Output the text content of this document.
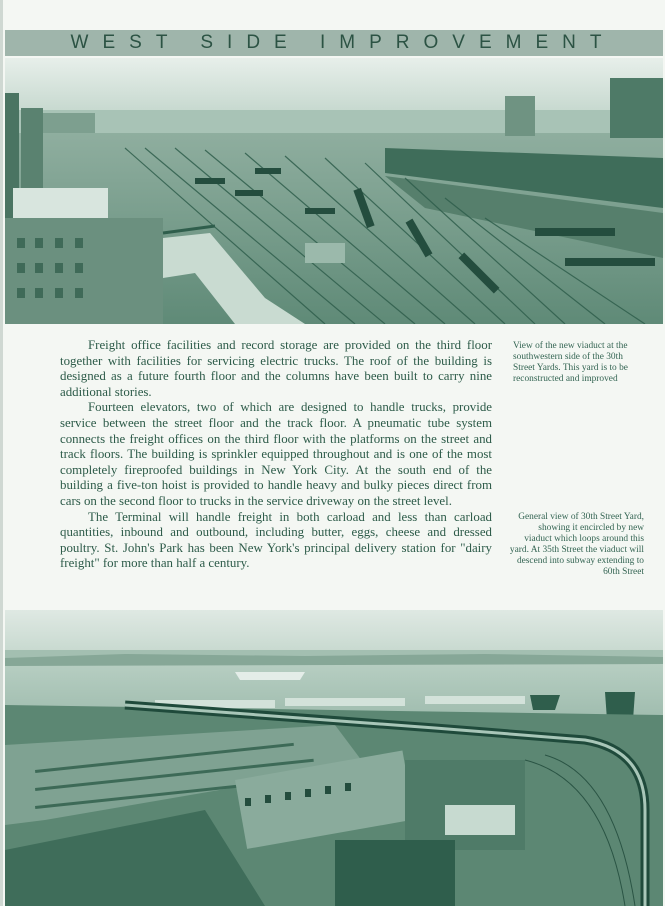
WEST SIDE IMPROVEMENT

Freight office facilities and record storage are provided on the third floor together with facilities for servicing electric trucks. The roof of the building is designed as a future fourth floor and the columns have been built to carry nine additional stories.

Fourteen elevators, two of which are designed to handle trucks, provide service between the street floor and the track floor. A pneumatic tube system connects the freight offices on the third floor with the platforms on the street and track floors. The building is sprinkler equipped throughout and is one of the most completely fireproofed buildings in New York City. At the south end of the building a five-ton hoist is provided to handle heavy and bulky pieces direct from cars on the second floor to trucks in the service driveway on the street level.

The Terminal will handle freight in both carload and less than carload quantities, inbound and outbound, including butter, eggs, cheese and dressed poultry. St. John's Park has been New York's principal delivery station for "dairy freight" for more than half a century.

View of the new viaduct at the southwestern side of the 30th Street Yards. This yard is to be reconstructed and improved
General view of 30th Street Yard, showing it encircled by new viaduct which loops around this yard. At 35th Street the viaduct will descend into subway extending to 60th Street
